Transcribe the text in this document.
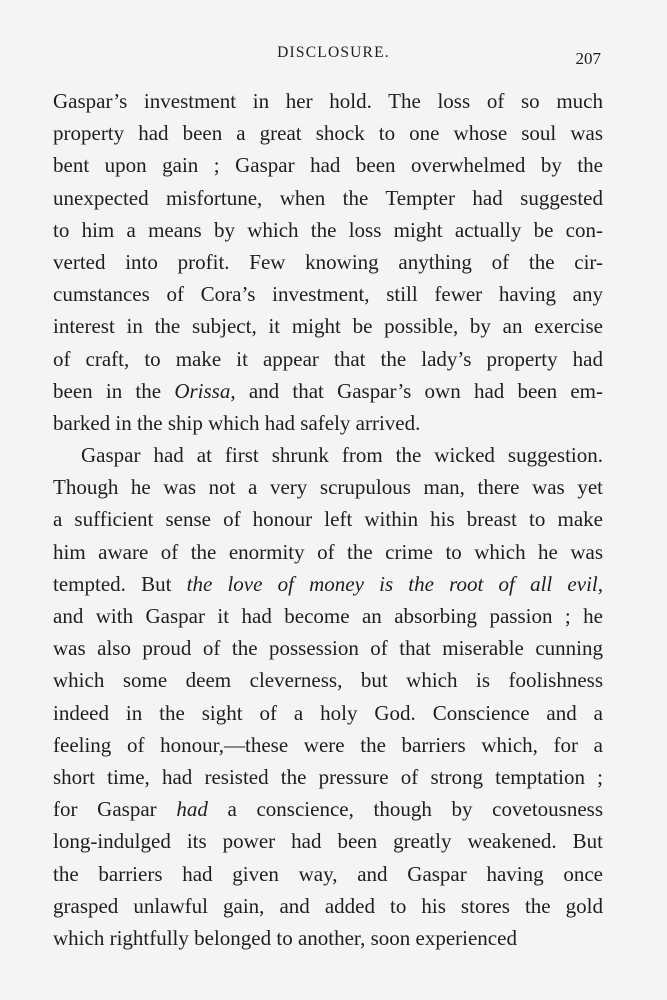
DISCLOSURE.	207
Gaspar’s investment in her hold. The loss of so much
property had been a great shock to one whose soul was
bent upon gain ; Gaspar had been overwhelmed by the
unexpected misfortune, when the Tempter had suggested
to him a means by which the loss might actually be con-
verted into profit. Few knowing anything of the cir-
cumstances of Cora’s investment, still fewer having any
interest in the subject, it might be possible, by an exercise
of craft, to make it appear that the lady’s property had
been in the Orissa, and that Gaspar’s own had been em-
barked in the ship which had safely arrived.
Gaspar had at first shrunk from the wicked suggestion.
Though he was not a very scrupulous man, there was yet
a sufficient sense of honour left within his breast to make
him aware of the enormity of the crime to which he was
tempted. But the love of money is the root of all evil,
and with Gaspar it had become an absorbing passion ; he
was also proud of the possession of that miserable cunning
which some deem cleverness, but which is foolishness
indeed in the sight of a holy God. Conscience and a
feeling of honour,—these were the barriers which, for a
short time, had resisted the pressure of strong temptation ;
for Gaspar had a conscience, though by covetousness
long-indulged its power had been greatly weakened. But
the barriers had given way, and Gaspar having once
grasped unlawful gain, and added to his stores the gold
which rightfully belonged to another, soon experienced
